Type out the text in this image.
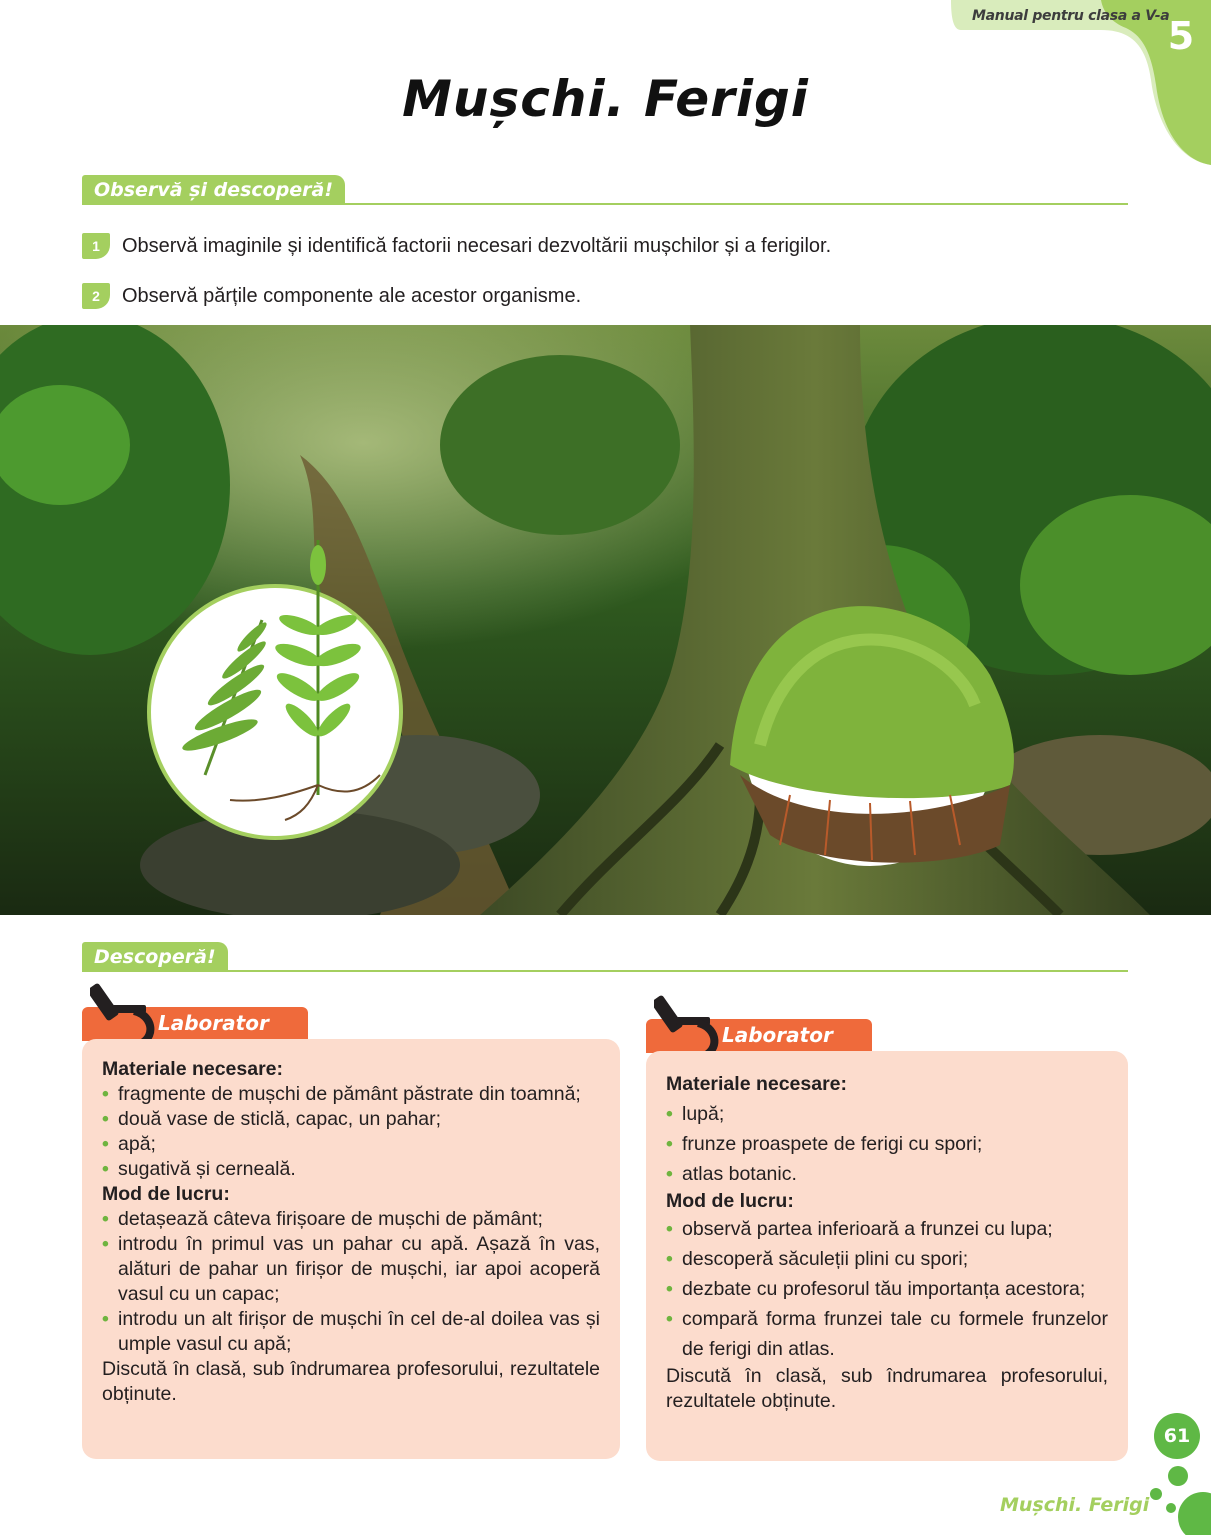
Manual pentru clasa a V-a
5
Mușchi. Ferigi
Observă și descoperă!
1	Observă imaginile și identifică factorii necesari dezvoltării mușchilor și a ferigilor.
2	Observă părțile componente ale acestor organisme.
Descoperă!
Laborator
Materiale necesare:
• fragmente de mușchi de pământ păstrate din toamnă;
• două vase de sticlă, capac, un pahar;
• apă;
• sugativă și cerneală.
Mod de lucru:
• detașează câteva firișoare de mușchi de pământ;
• introdu în primul vas un pahar cu apă. Așază în vas, alături de pahar un firișor de mușchi, iar apoi acoperă vasul cu un capac;
• introdu un alt firișor de mușchi în cel de-al doilea vas și umple vasul cu apă;

Discută în clasă, sub îndrumarea profesorului, rezultatele obținute.

Laborator
Materiale necesare:
• lupă;
• frunze proaspete de ferigi cu spori;
• atlas botanic.
Mod de lucru:
• observă partea inferioară a frunzei cu lupa;
• descoperă săculeții plini cu spori;
• dezbate cu profesorul tău importanța acestora;
• compară forma frunzei tale cu formele frunzelor de ferigi din atlas.

Discută în clasă, sub îndrumarea profesorului, rezultatele obținute.

61
Mușchi. Ferigi
